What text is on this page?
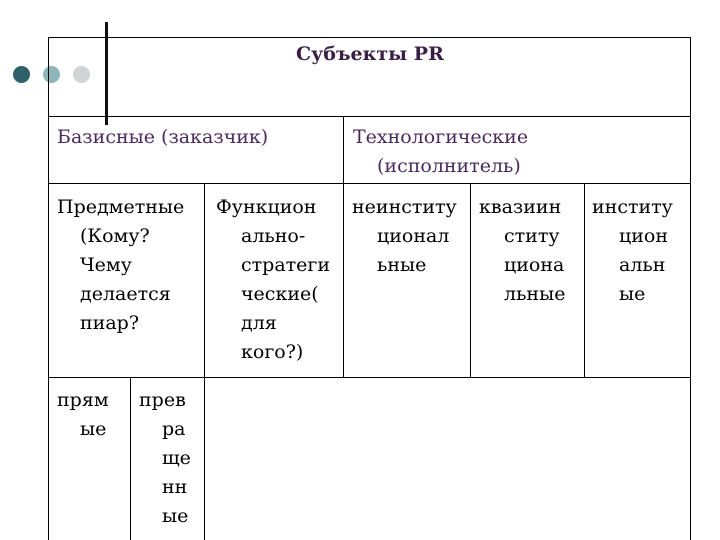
Субъекты PR
Базисные (заказчик)	Технологические
(исполнитель)
Предметные
(Кому?
Чему
делается
пиар?
Функцион
ально-
стратеги
ческие(
для
кого?)
неинститу
ционал
ьные
квазиин
ститу
циона
льные
институ
цион
альн
ые
прям
ые
прев
ра
ще
нн
ые
